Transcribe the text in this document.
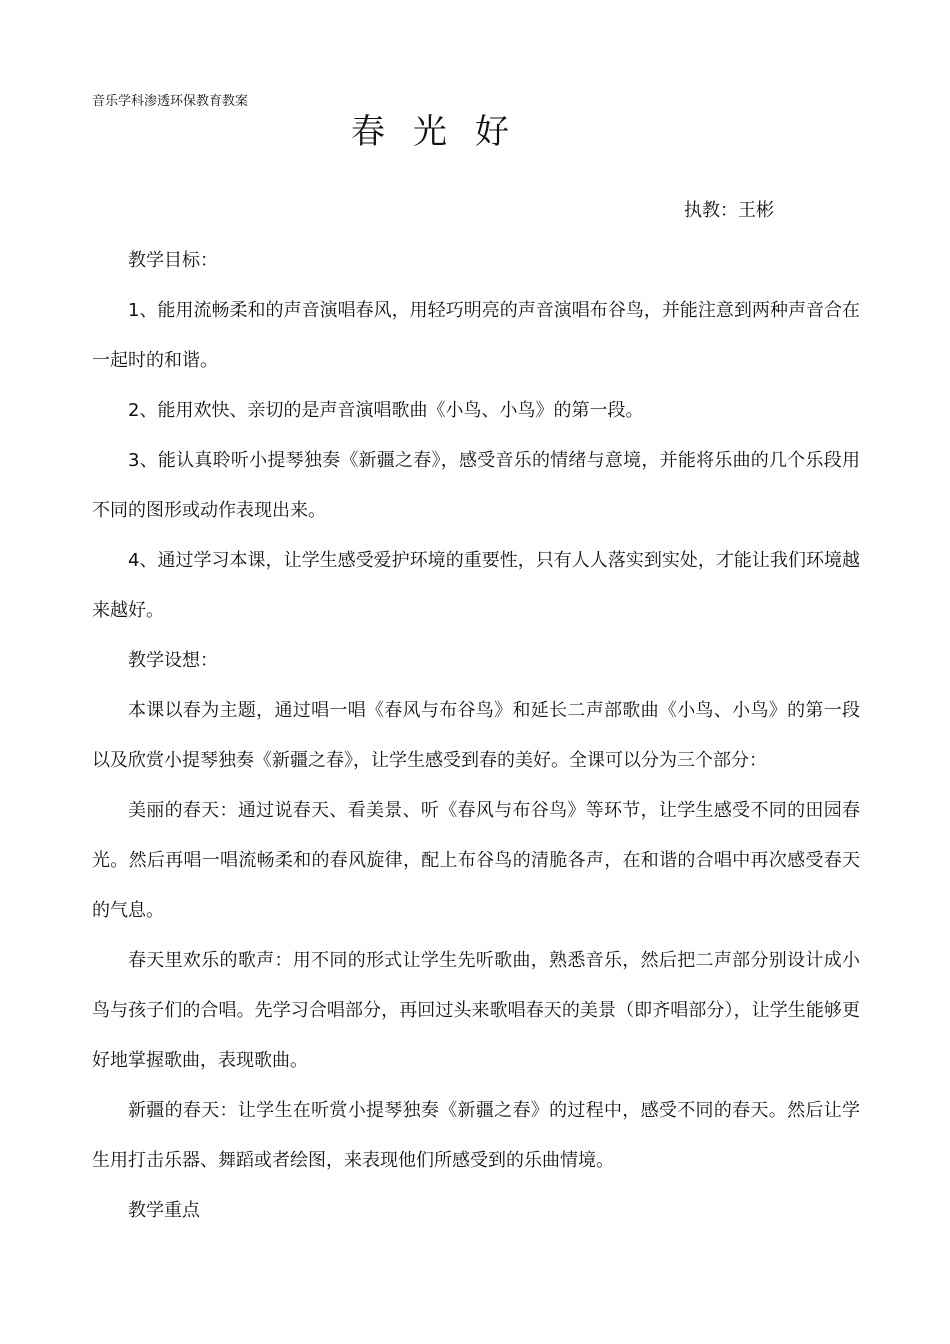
音乐学科渗透环保教育教案
春光好
执教：王彬

教学目标：

1、能用流畅柔和的声音演唱春风，用轻巧明亮的声音演唱布谷鸟，并能注意到两种声音合在一起时的和谐。

2、能用欢快、亲切的是声音演唱歌曲《小鸟、小鸟》的第一段。

3、能认真聆听小提琴独奏《新疆之春》，感受音乐的情绪与意境，并能将乐曲的几个乐段用不同的图形或动作表现出来。

4、通过学习本课，让学生感受爱护环境的重要性，只有人人落实到实处，才能让我们环境越来越好。

教学设想：

本课以春为主题，通过唱一唱《春风与布谷鸟》和延长二声部歌曲《小鸟、小鸟》的第一段以及欣赏小提琴独奏《新疆之春》，让学生感受到春的美好。全课可以分为三个部分：

美丽的春天：通过说春天、看美景、听《春风与布谷鸟》等环节，让学生感受不同的田园春光。然后再唱一唱流畅柔和的春风旋律，配上布谷鸟的清脆各声，在和谐的合唱中再次感受春天的气息。

春天里欢乐的歌声：用不同的形式让学生先听歌曲，熟悉音乐，然后把二声部分别设计成小鸟与孩子们的合唱。先学习合唱部分，再回过头来歌唱春天的美景（即齐唱部分），让学生能够更好地掌握歌曲，表现歌曲。

新疆的春天：让学生在听赏小提琴独奏《新疆之春》的过程中，感受不同的春天。然后让学生用打击乐器、舞蹈或者绘图，来表现他们所感受到的乐曲情境。

教学重点
